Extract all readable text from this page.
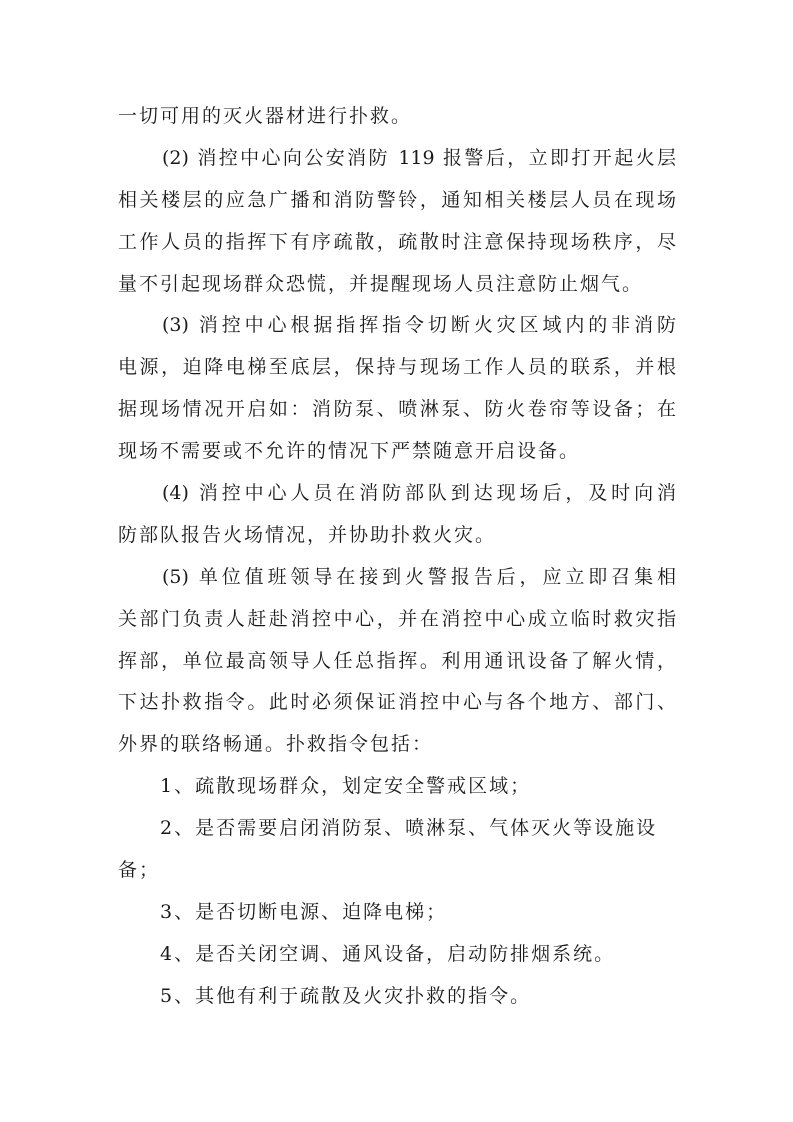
一切可用的灭火器材进行扑救。
(2) 消控中心向公安消防 119 报警后，立即打开起火层
相关楼层的应急广播和消防警铃，通知相关楼层人员在现场
工作人员的指挥下有序疏散，疏散时注意保持现场秩序，尽
量不引起现场群众恐慌，并提醒现场人员注意防止烟气。
(3) 消控中心根据指挥指令切断火灾区域内的非消防
电源，迫降电梯至底层，保持与现场工作人员的联系，并根
据现场情况开启如：消防泵、喷淋泵、防火卷帘等设备；在
现场不需要或不允许的情况下严禁随意开启设备。
(4) 消控中心人员在消防部队到达现场后，及时向消
防部队报告火场情况，并协助扑救火灾。
(5) 单位值班领导在接到火警报告后，应立即召集相
关部门负责人赶赴消控中心，并在消控中心成立临时救灾指
挥部，单位最高领导人任总指挥。利用通讯设备了解火情，
下达扑救指令。此时必须保证消控中心与各个地方、部门、
外界的联络畅通。扑救指令包括：
1、疏散现场群众，划定安全警戒区域；
2、是否需要启闭消防泵、喷淋泵、气体灭火等设施设
备；
3、是否切断电源、迫降电梯；
4、是否关闭空调、通风设备，启动防排烟系统。
5、其他有利于疏散及火灾扑救的指令。
